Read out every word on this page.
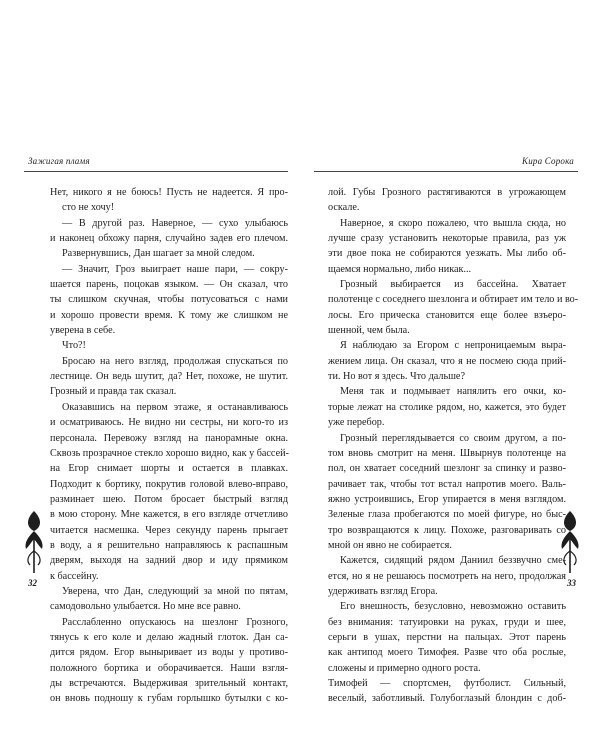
Зажигая пламя
Нет, никого я не боюсь! Пусть не надеется. Я про-
сто не хочу!
— В другой раз. Наверное, — сухо улыбаюсь
и наконец обхожу парня, случайно задев его плечом.
Развернувшись, Дан шагает за мной следом.
— Значит, Гроз выиграет наше пари, — сокру-
шается парень, поцокав языком. — Он сказал, что
ты слишком скучная, чтобы потусоваться с нами
и хорошо провести время. К тому же слишком не
уверена в себе.
Что?!
Бросаю на него взгляд, продолжая спускаться по
лестнице. Он ведь шутит, да? Нет, похоже, не шутит.
Грозный и правда так сказал.
Оказавшись на первом этаже, я останавливаюсь
и осматриваюсь. Не видно ни сестры, ни кого-то из
персонала. Перевожу взгляд на панорамные окна.
Сквозь прозрачное стекло хорошо видно, как у бассей-
на Егор снимает шорты и остается в плавках.
Подходит к бортику, покрутив головой влево-вправо,
разминает шею. Потом бросает быстрый взгляд
в мою сторону. Мне кажется, в его взгляде отчетливо
читается насмешка. Через секунду парень прыгает
в воду, а я решительно направляюсь к распашным
дверям, выходя на задний двор и иду прямиком
к бассейну.
Уверена, что Дан, следующий за мной по пятам,
самодовольно улыбается. Но мне все равно.
Расслабленно опускаюсь на шезлонг Грозного,
тянусь к его коле и делаю жадный глоток. Дан са-
дится рядом. Егор выныривает из воды у противо-
положного бортика и оборачивается. Наши взгля-
ды встречаются. Выдерживая зрительный контакт,
он вновь подношу к губам горлышко бутылки с ко-
32
Кира Сорока
лой. Губы Грозного растягиваются в угрожающем
оскале.
Наверное, я скоро пожалею, что вышла сюда, но
лучше сразу установить некоторые правила, раз уж
эти двое пока не собираются уезжать. Мы либо об-
щаемся нормально, либо никак...
Грозный выбирается из бассейна. Хватает
полотенце с соседнего шезлонга и обтирает им тело и во-
лосы. Его прическа становится еще более взъеро-
шенной, чем была.
Я наблюдаю за Егором с непроницаемым выра-
жением лица. Он сказал, что я не посмею сюда прий-
ти. Но вот я здесь. Что дальше?
Меня так и подмывает напялить его очки, ко-
торые лежат на столике рядом, но, кажется, это будет
уже перебор.
Грозный переглядывается со своим другом, а по-
том вновь смотрит на меня. Швырнув полотенце на
пол, он хватает соседний шезлонг за спинку и разво-
рачивает так, чтобы тот встал напротив моего. Валь-
яжно устроившись, Егор упирается в меня взглядом.
Зеленые глаза пробегаются по моей фигуре, но быс-
тро возвращаются к лицу. Похоже, разговаривать со
мной он явно не собирается.
Кажется, сидящий рядом Даниил беззвучно сме-
ется, но я не решаюсь посмотреть на него, продолжая
удерживать взгляд Егора.
Его внешность, безусловно, невозможно оставить
без внимания: татуировки на руках, груди и шее,
серьги в ушах, перстни на пальцах. Этот парень
как антипод моего Тимофея. Разве что оба рослые,
сложены и примерно одного роста.
Тимофей — спортсмен, футболист. Сильный,
веселый, заботливый. Голубоглазый блондин с доб-
33
